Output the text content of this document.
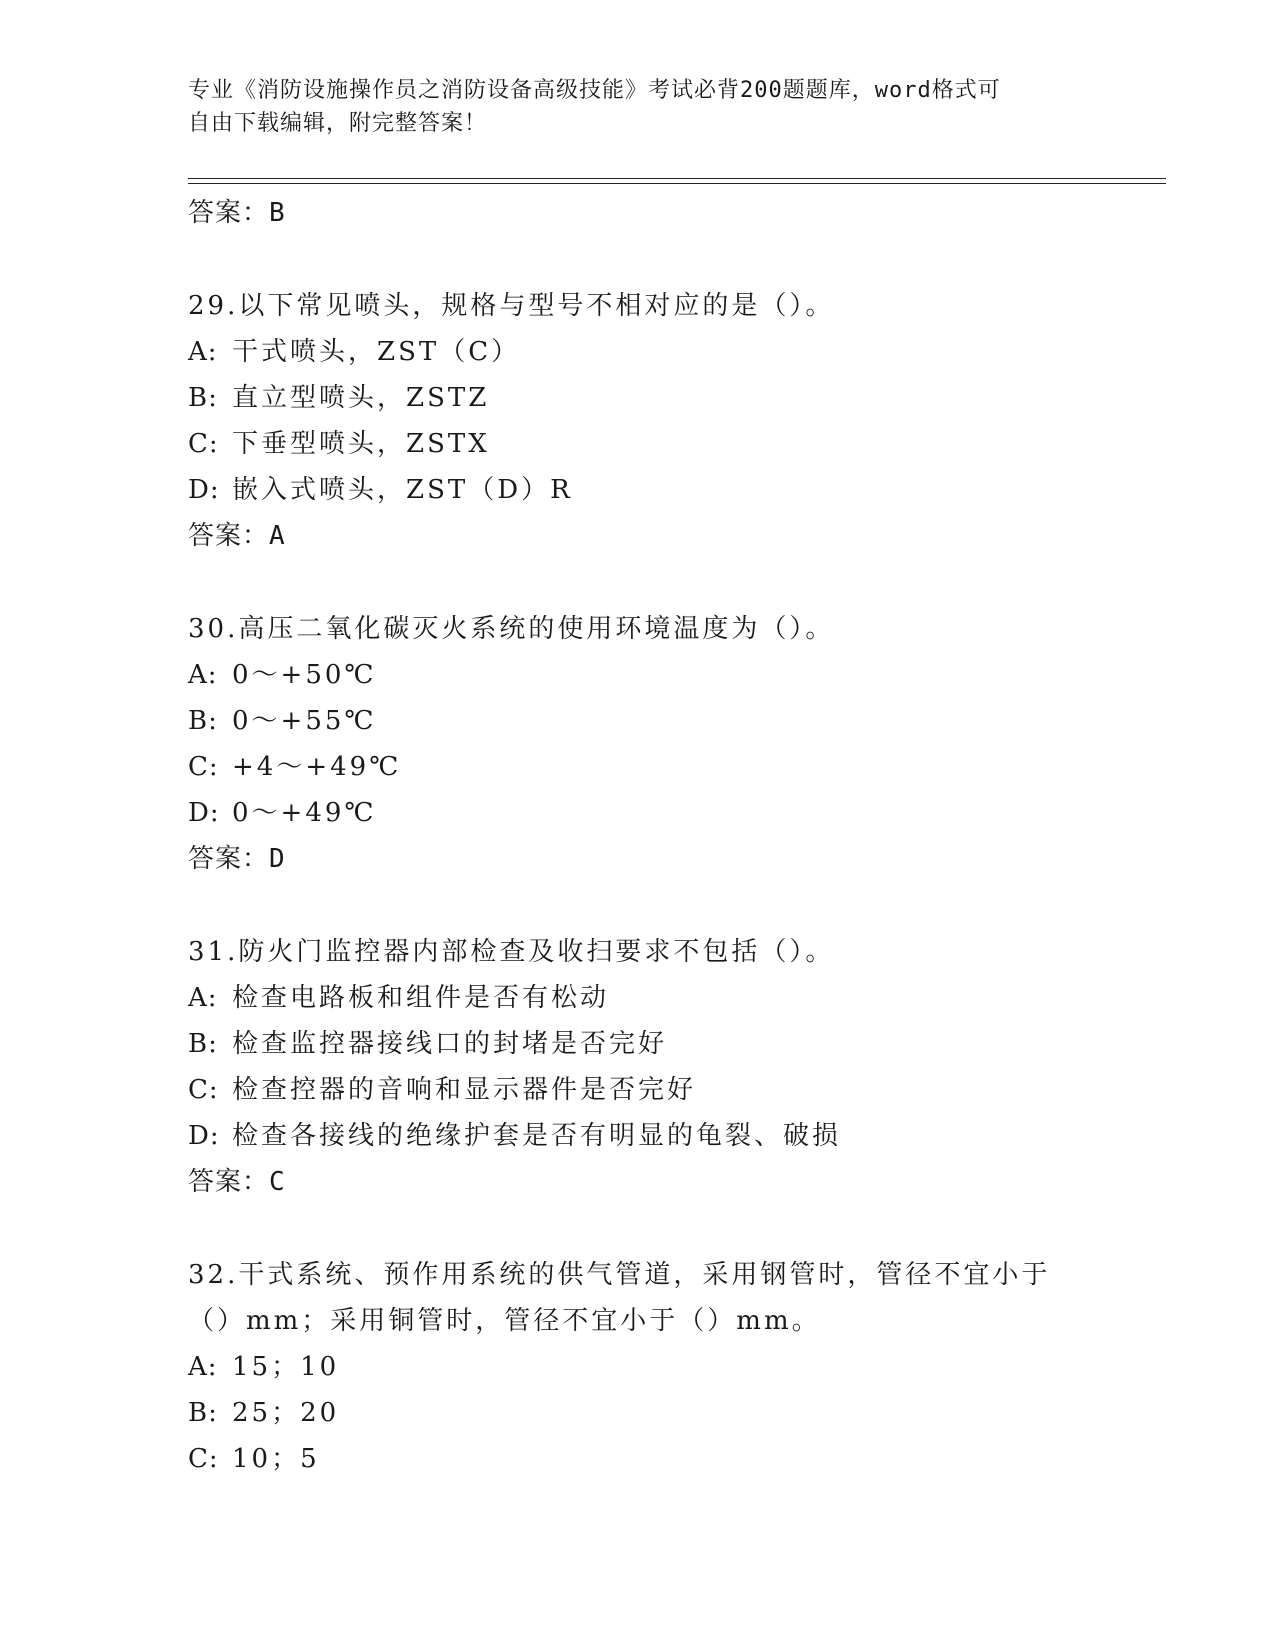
专业《消防设施操作员之消防设备高级技能》考试必背200题题库，word格式可
自由下载编辑，附完整答案！
答案：B
29.以下常见喷头，规格与型号不相对应的是（）。
A: 干式喷头，ZST（C）
B: 直立型喷头，ZSTZ
C: 下垂型喷头，ZSTX
D: 嵌入式喷头，ZST（D）R
答案：A
30.高压二氧化碳灭火系统的使用环境温度为（）。
A: 0～+50℃
B: 0～+55℃
C: +4～+49℃
D: 0～+49℃
答案：D
31.防火门监控器内部检查及收扫要求不包括（）。
A: 检查电路板和组件是否有松动
B: 检查监控器接线口的封堵是否完好
C: 检查控器的音响和显示器件是否完好
D: 检查各接线的绝缘护套是否有明显的龟裂、破损
答案：C
32.干式系统、预作用系统的供气管道，采用钢管时，管径不宜小于（）mm；采用铜管时，管径不宜小于（）mm。
A: 15；10
B: 25；20
C: 10；5
